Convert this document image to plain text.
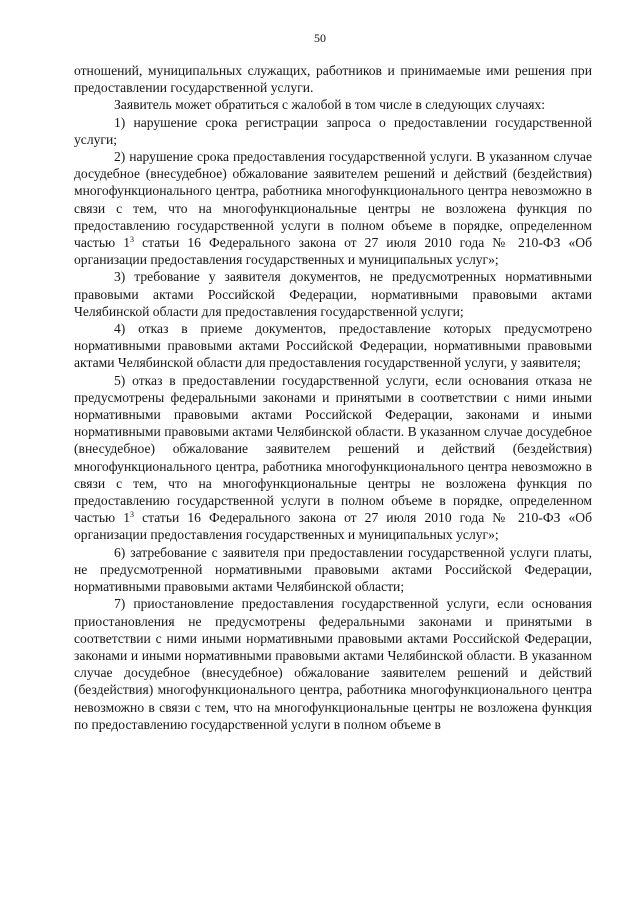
50

отношений, муниципальных служащих, работников и принимаемые ими решения при предоставлении государственной услуги.

Заявитель может обратиться с жалобой в том числе в следующих случаях:

1) нарушение срока регистрации запроса о предоставлении государственной услуги;

2) нарушение срока предоставления государственной услуги. В указанном случае досудебное (внесудебное) обжалование заявителем решений и действий (бездействия) многофункционального центра, работника многофункционального центра невозможно в связи с тем, что на многофункциональные центры не возложена функция по предоставлению государственной услуги в полном объеме в порядке, определенном частью $1^3$ статьи 16 Федерального закона от 27 июля 2010 года № 210-ФЗ «Об организации предоставления государственных и муниципальных услуг»;

3) требование у заявителя документов, не предусмотренных нормативными правовыми актами Российской Федерации, нормативными правовыми актами Челябинской области для предоставления государственной услуги;

4) отказ в приеме документов, предоставление которых предусмотрено нормативными правовыми актами Российской Федерации, нормативными правовыми актами Челябинской области для предоставления государственной услуги, у заявителя;

5) отказ в предоставлении государственной услуги, если основания отказа не предусмотрены федеральными законами и принятыми в соответствии с ними иными нормативными правовыми актами Российской Федерации, законами и иными нормативными правовыми актами Челябинской области. В указанном случае досудебное (внесудебное) обжалование заявителем решений и действий (бездействия) многофункционального центра, работника многофункционального центра невозможно в связи с тем, что на многофункциональные центры не возложена функция по предоставлению государственной услуги в полном объеме в порядке, определенном частью $1^3$ статьи 16 Федерального закона от 27 июля 2010 года № 210-ФЗ «Об организации предоставления государственных и муниципальных услуг»;

6) затребование с заявителя при предоставлении государственной услуги платы, не предусмотренной нормативными правовыми актами Российской Федерации, нормативными правовыми актами Челябинской области;

7) приостановление предоставления государственной услуги, если основания приостановления не предусмотрены федеральными законами и принятыми в соответствии с ними иными нормативными правовыми актами Российской Федерации, законами и иными нормативными правовыми актами Челябинской области. В указанном случае досудебное (внесудебное) обжалование заявителем решений и действий (бездействия) многофункционального центра, работника многофункционального центра невозможно в связи с тем, что на многофункциональные центры не возложена функция по предоставлению государственной услуги в полном объеме в
